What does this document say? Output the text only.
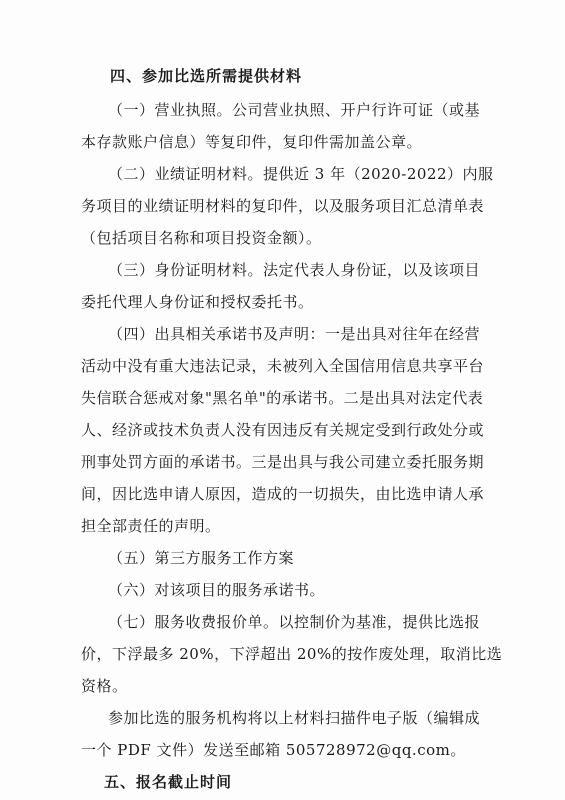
四、参加比选所需提供材料
（一）营业执照。公司营业执照、开户行许可证（或基
本存款账户信息）等复印件，复印件需加盖公章。
（二）业绩证明材料。提供近 3 年（2020-2022）内服
务项目的业绩证明材料的复印件，以及服务项目汇总清单表
（包括项目名称和项目投资金额）。
（三）身份证明材料。法定代表人身份证，以及该项目
委托代理人身份证和授权委托书。
（四）出具相关承诺书及声明：一是出具对往年在经营
活动中没有重大违法记录，未被列入全国信用信息共享平台
失信联合惩戒对象"黑名单"的承诺书。二是出具对法定代表
人、经济或技术负责人没有因违反有关规定受到行政处分或
刑事处罚方面的承诺书。三是出具与我公司建立委托服务期
间，因比选申请人原因，造成的一切损失，由比选申请人承
担全部责任的声明。
（五）第三方服务工作方案
（六）对该项目的服务承诺书。
（七）服务收费报价单。以控制价为基准，提供比选报
价，下浮最多 20%，下浮超出 20%的按作废处理，取消比选
资格。
参加比选的服务机构将以上材料扫描件电子版（编辑成
一个 PDF 文件）发送至邮箱 505728972@qq.com。
五、报名截止时间
